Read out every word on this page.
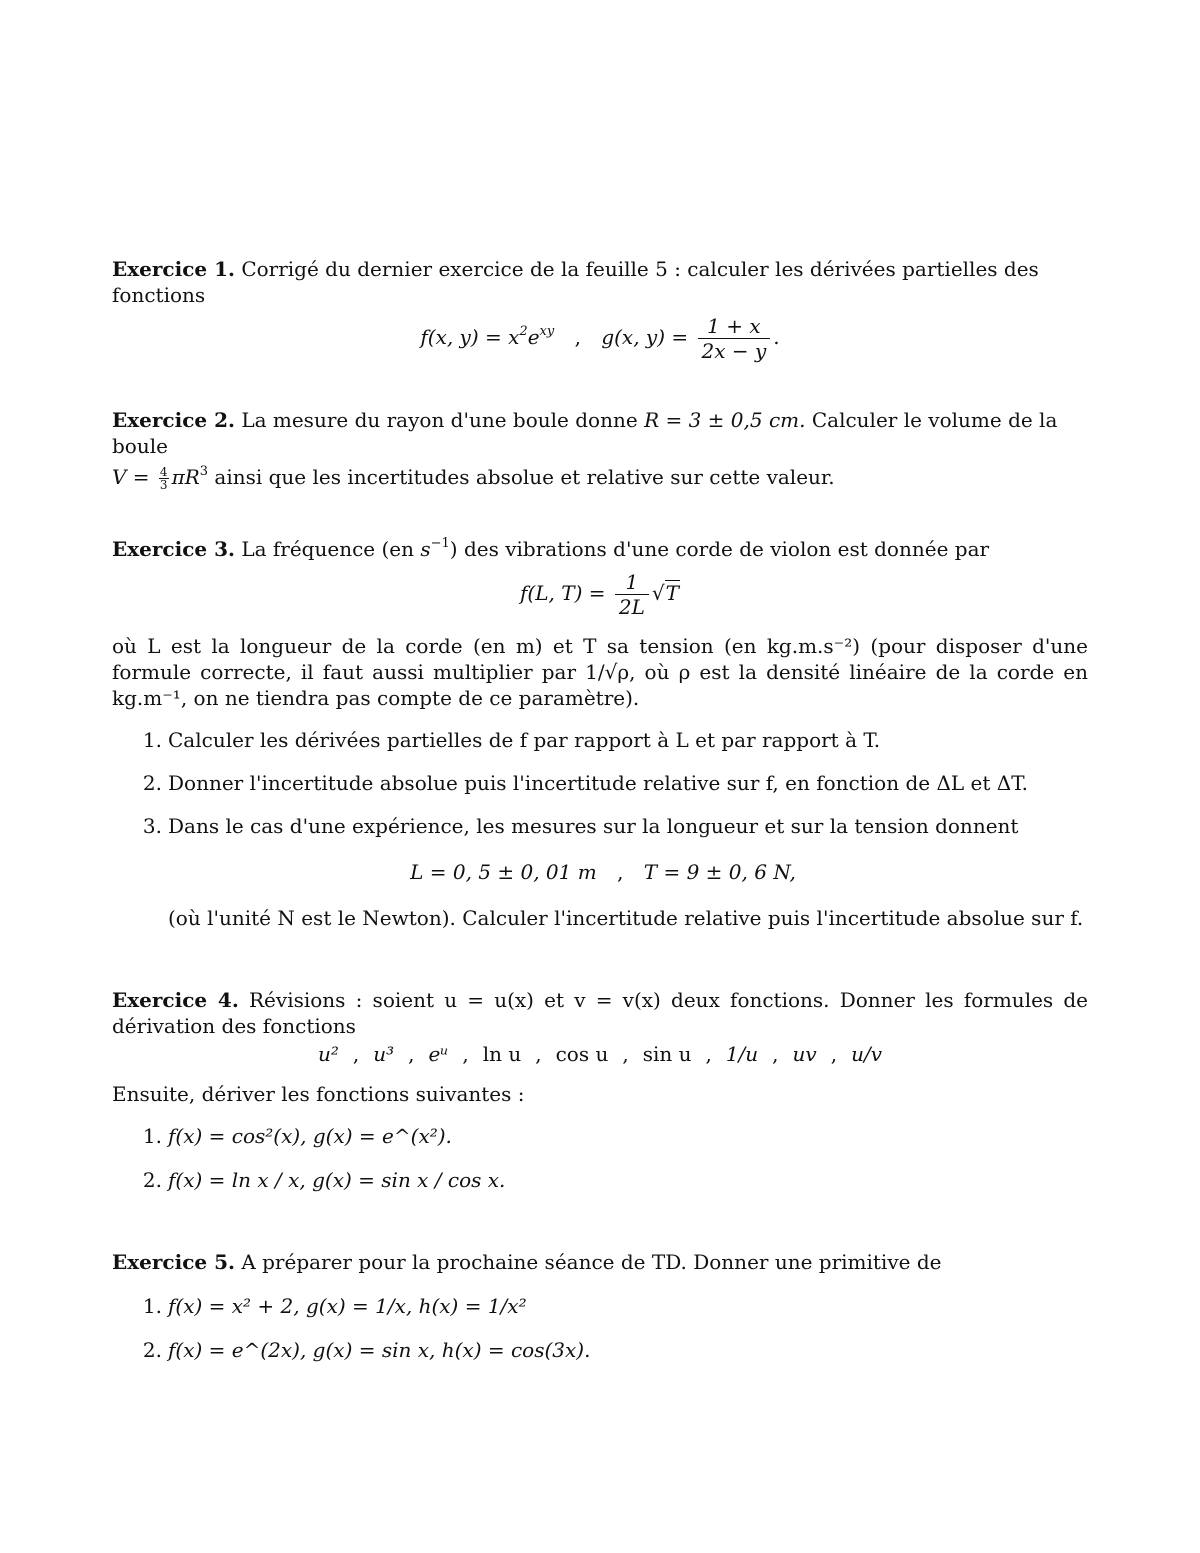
Exercice 1. Corrigé du dernier exercice de la feuille 5 : calculer les dérivées partielles des fonctions

f(x, $y) = x^2e^{xy}$ , g(x, $y) = \frac{1 + x}{2x - y}$ .

Exercice 2. La mesure du rayon d'une boule donne R = 3 ± 0,5 cm. Calculer le volume de la boule
$V = \frac{4}{3} \pi R^3$ ainsi que les incertitudes absolue et relative sur cette valeur.

Exercice 3. La fréquence (en $s^{-1}$) des vibrations d'une corde de violon est donnée par

f(L, $T) = \frac{1}{2L} √T$

où L est la longueur de la corde (en m) et T sa tension (en kg.m.s⁻²) (pour disposer d'une formule correcte, il faut aussi multiplier par 1/√ρ, où ρ est la densité linéaire de la corde en kg.m⁻¹, on ne tiendra pas compte de ce paramètre).

1. Calculer les dérivées partielles de f par rapport à L et par rapport à T.
2. Donner l'incertitude absolue puis l'incertitude relative sur f, en fonction de ΔL et ΔT.
3. Dans le cas d'une expérience, les mesures sur la longueur et sur la tension donnent
L = 0, 5 ± 0, 01 m , T = 9 ± 0, 6 N,
(où l'unité N est le Newton). Calculer l'incertitude relative puis l'incertitude absolue sur f.

Exercice 4. Révisions : soient u = u(x) et v = v(x) deux fonctions. Donner les formules de dérivation des fonctions

u² , u³ , eᵘ , ln u , cos u , sin u , 1/u , uv , u/v

Ensuite, dériver les fonctions suivantes :

1. f(x) = cos²(x), g(x) = e^(x²).
2. f(x) = ln x / x, g(x) = sin x / cos x.

Exercice 5. A préparer pour la prochaine séance de TD. Donner une primitive de

1. f(x) = x² + 2, g(x) = 1/x, h(x) = 1/x²
2. f(x) = e^(2x), g(x) = sin x, h(x) = cos(3x).
